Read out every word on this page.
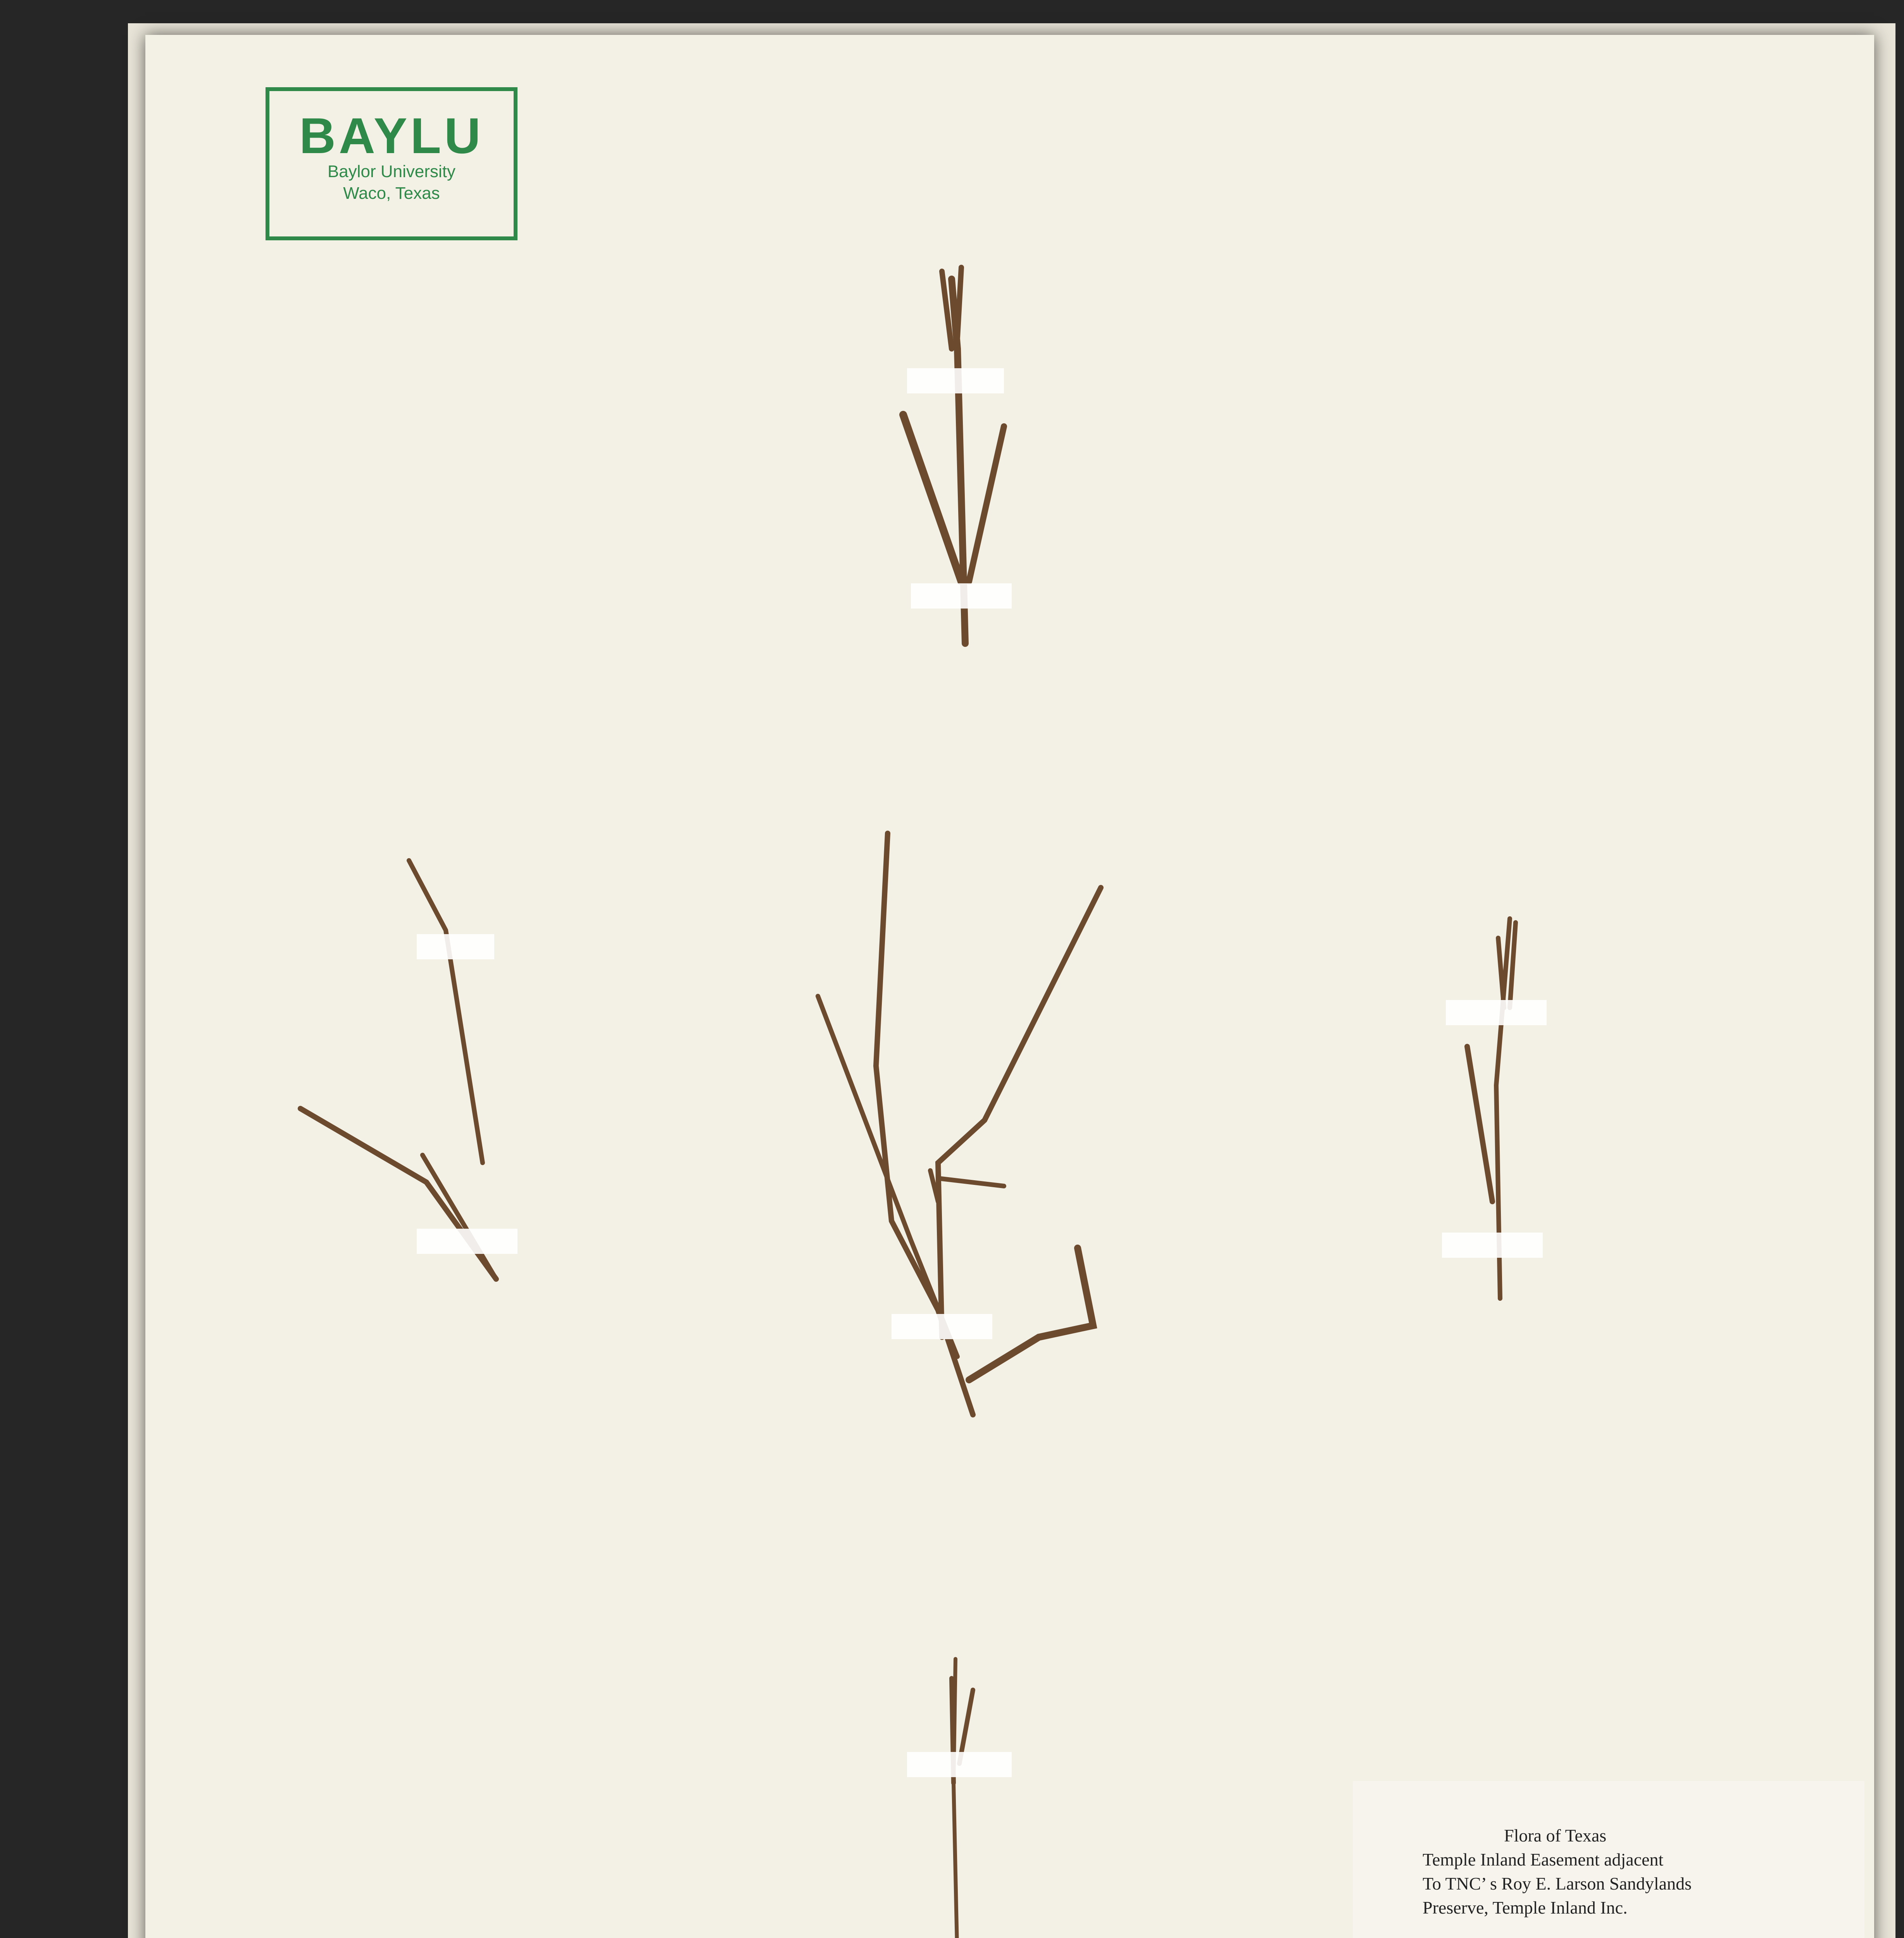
BAYLU
Baylor University
Waco, Texas
Flora of Texas
Temple Inland Easement adjacent
To TNC’ s Roy E. Larson Sandylands
Preserve, Temple Inland Inc.
